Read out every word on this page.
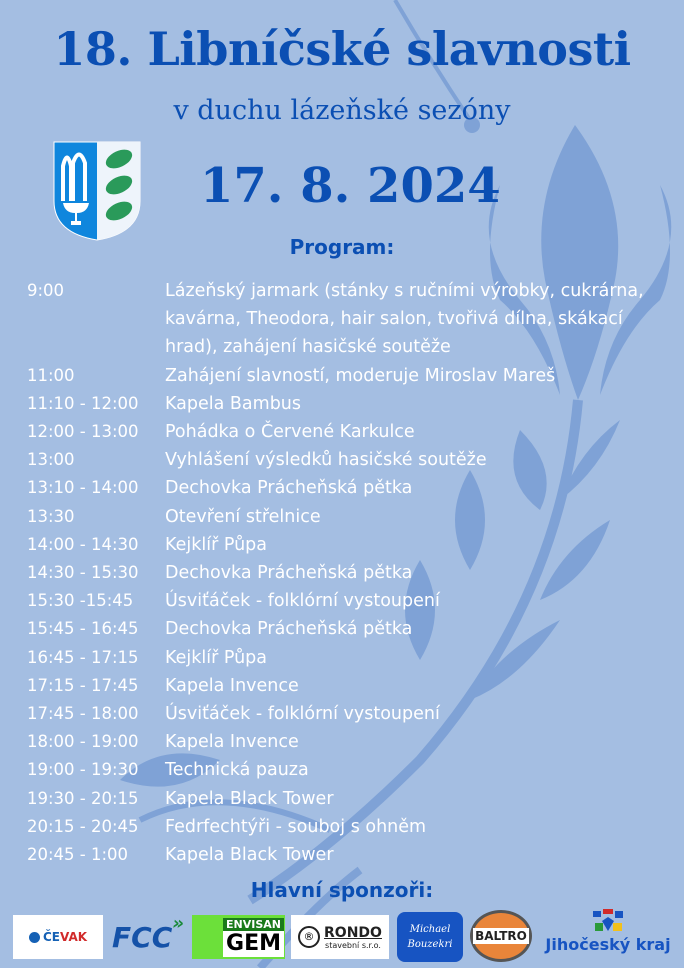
18. Libníčské slavnosti
v duchu lázeňské sezóny
17. 8. 2024
Program:
9:00	Lázeňský jarmark (stánky s ručními výrobky, cukrárna, kavárna, Theodora, hair salon, tvořivá dílna, skákací hrad), zahájení hasičské soutěže
11:00	Zahájení slavností, moderuje Miroslav Mareš
11:10 - 12:00	Kapela Bambus
12:00 - 13:00	Pohádka o Červené Karkulce
13:00	Vyhlášení výsledků hasičské soutěže
13:10 - 14:00	Dechovka Prácheňská pětka
13:30	Otevření střelnice
14:00 - 14:30	Kejklíř Půpa
14:30 - 15:30	Dechovka Prácheňská pětka
15:30 -15:45	Úsviťáček - folklórní vystoupení
15:45 - 16:45	Dechovka Prácheňská pětka
16:45 - 17:15	Kejklíř Půpa
17:15 - 17:45	Kapela Invence
17:45 - 18:00	Úsviťáček - folklórní vystoupení
18:00 - 19:00	Kapela Invence
19:00 - 19:30	Technická pauza
19:30 - 20:15	Kapela Black Tower
20:15 - 20:45	Fedrfechtýři - souboj s ohněm
20:45 - 1:00	Kapela Black Tower
Hlavní sponzoři:
ČE VAK FCC »	ENVISAN
GEM	® RONDO
stavební s.r.o.
Michael
Bouzekri
BALTRO Jihočeský kraj
